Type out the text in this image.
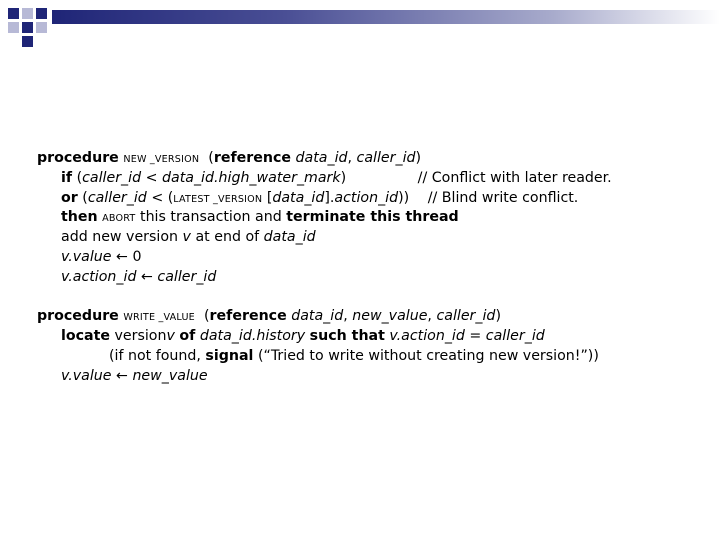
procedure NEW _VERSION (reference data_id, caller_id)
if (caller_id < data_id.high_water_mark)	// Conflict with later reader.
or (caller_id < (LATEST _VERSION [data_id].action_id)) // Blind write conflict.
then ABORT this transaction and terminate this thread
add new version v at end of data_id
v.value ← 0
v.action_id ← caller_id
procedure WRITE _VALUE (reference data_id, new_value, caller_id)
locate versionv of data_id.history such that v.action_id = caller_id
(if not found, signal (“Tried to write without creating new version!”))
v.value ← new_value
